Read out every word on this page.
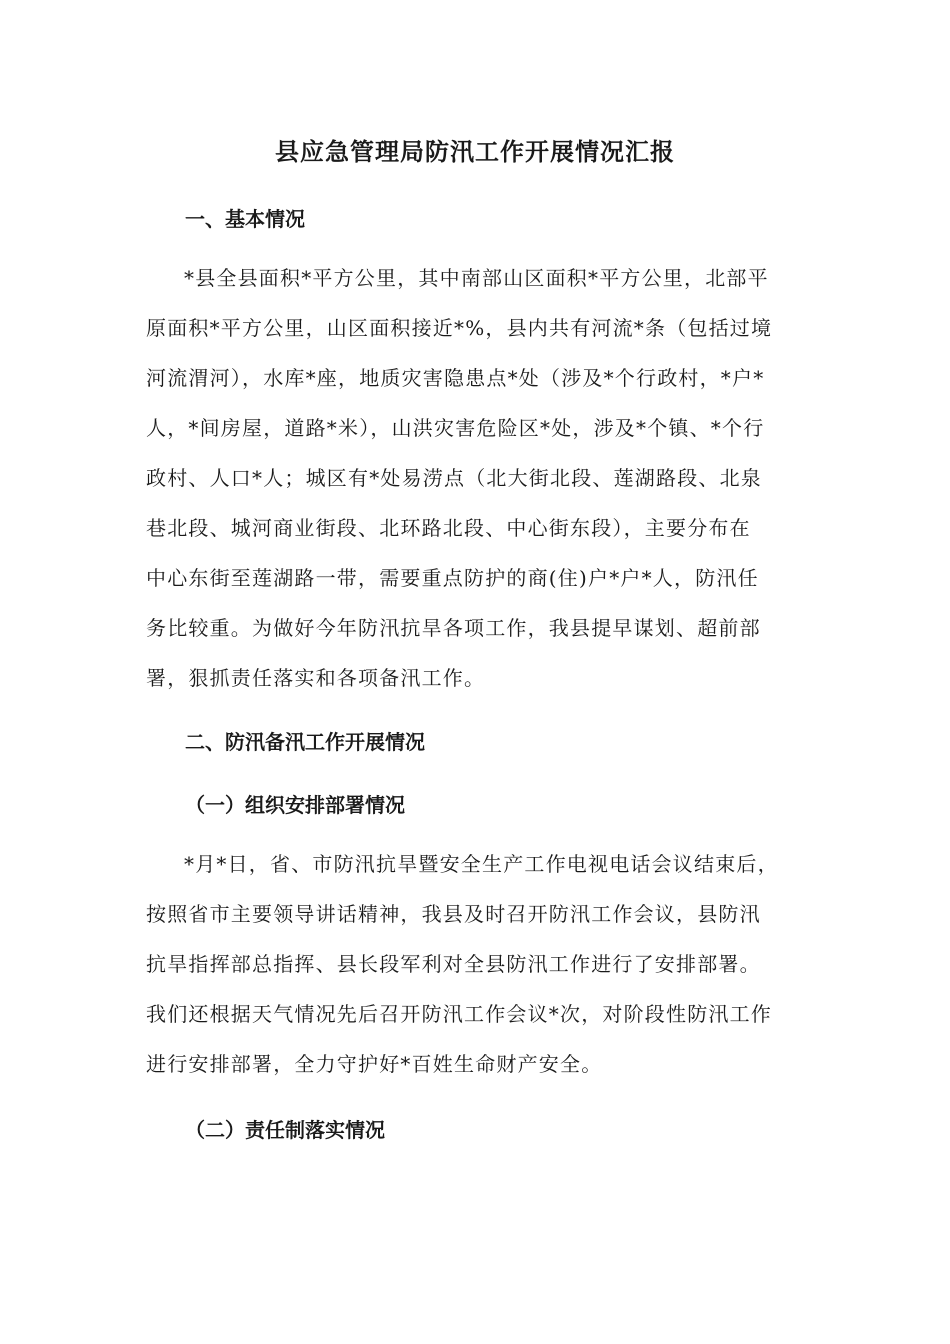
县应急管理局防汛工作开展情况汇报
一、基本情况
*县全县面积*平方公里，其中南部山区面积*平方公里，北部平
原面积*平方公里，山区面积接近*%，县内共有河流*条（包括过境
河流渭河），水库*座，地质灾害隐患点*处（涉及*个行政村，*户*
人，*间房屋，道路*米），山洪灾害危险区*处，涉及*个镇、*个行
政村、人口*人；城区有*处易涝点（北大街北段、莲湖路段、北泉
巷北段、城河商业街段、北环路北段、中心街东段），主要分布在
中心东街至莲湖路一带，需要重点防护的商(住)户*户*人，防汛任
务比较重。为做好今年防汛抗旱各项工作，我县提早谋划、超前部
署，狠抓责任落实和各项备汛工作。
二、防汛备汛工作开展情况
（一）组织安排部署情况
*月*日，省、市防汛抗旱暨安全生产工作电视电话会议结束后，
按照省市主要领导讲话精神，我县及时召开防汛工作会议，县防汛
抗旱指挥部总指挥、县长段军利对全县防汛工作进行了安排部署。
我们还根据天气情况先后召开防汛工作会议*次，对阶段性防汛工作
进行安排部署，全力守护好*百姓生命财产安全。
（二）责任制落实情况
